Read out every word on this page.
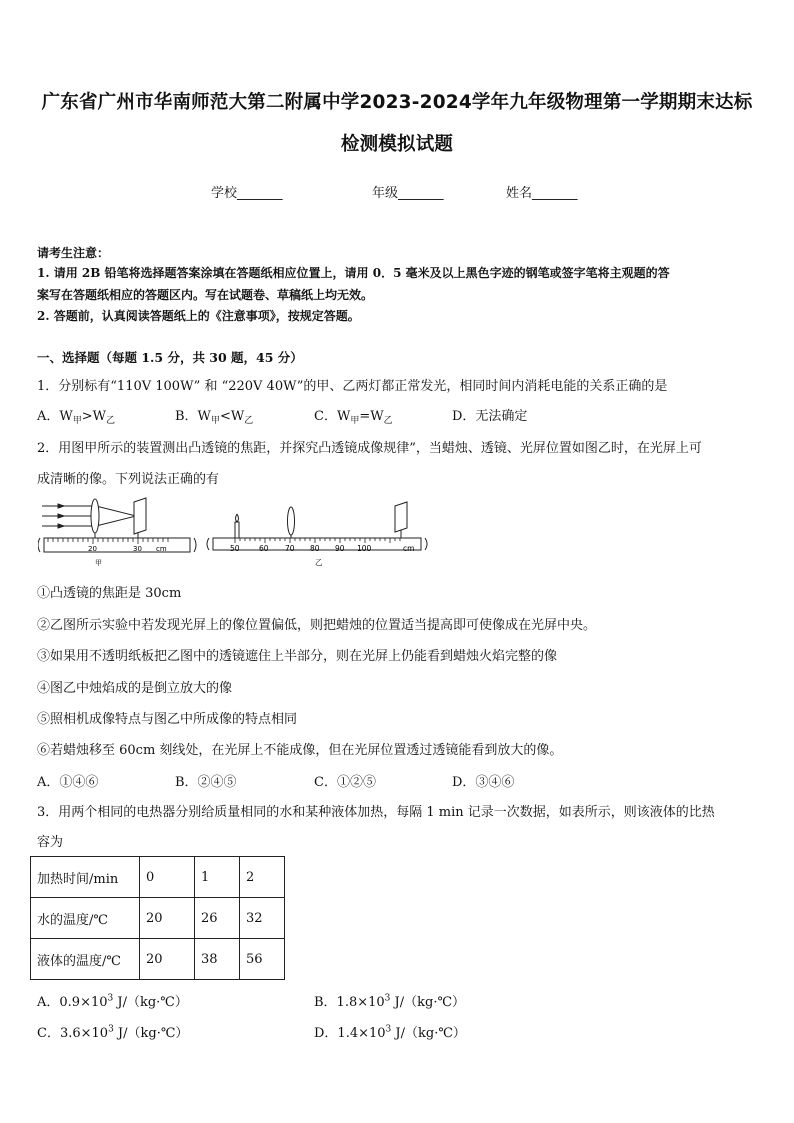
广东省广州市华南师范大第二附属中学2023-2024学年九年级物理第一学期期末达标
检测模拟试题
学校_______	年级_______	姓名_______
请考生注意：
1. 请用 2B 铅笔将选择题答案涂填在答题纸相应位置上，请用 0．5 毫米及以上黑色字迹的钢笔或签字笔将主观题的答
案写在答题纸相应的答题区内。写在试题卷、草稿纸上均无效。
2. 答题前，认真阅读答题纸上的《注意事项》，按规定答题。
一、选择题（每题 1.5 分，共 30 题，45 分）
1．分别标有“110V 100W” 和 “220V 40W”的甲、乙两灯都正常发光，相同时间内消耗电能的关系正确的是
A．$W_甲>W_乙$	B．$W_甲<W_乙$	C．$W_甲=W_乙$	D．无法确定
2．用图甲所示的装置测出凸透镜的焦距，并探究凸透镜成像规律”，当蜡烛、透镜、光屏位置如图乙时，在光屏上可
成清晰的像。下列说法正确的有
20	30 cm
甲
50	60 70 80 90 100	cm
乙
①凸透镜的焦距是 30cm
②乙图所示实验中若发现光屏上的像位置偏低，则把蜡烛的位置适当提高即可使像成在光屏中央。
③如果用不透明纸板把乙图中的透镜遮住上半部分，则在光屏上仍能看到蜡烛火焰完整的像
④图乙中烛焰成的是倒立放大的像
⑤照相机成像特点与图乙中所成像的特点相同
⑥若蜡烛移至 60cm 刻线处，在光屏上不能成像，但在光屏位置透过透镜能看到放大的像。
A．①④⑥	B．②④⑤	C．①②⑤	D．③④⑥
3．用两个相同的电热器分别给质量相同的水和某种液体加热，每隔 1 min 记录一次数据，如表所示，则该液体的比热
容为
加热时间/min	0	1	2
水的温度/℃	20	26	32
液体的温度/℃	20	38	56
A．$0.9\times 10^3$ J/（kg·℃）	B．$1.8\times 10^3$ J/（kg·℃）
C．$3.6\times 10^3$ J/（kg·℃）	D．$1.4\times 10^3$ J/（kg·℃）
